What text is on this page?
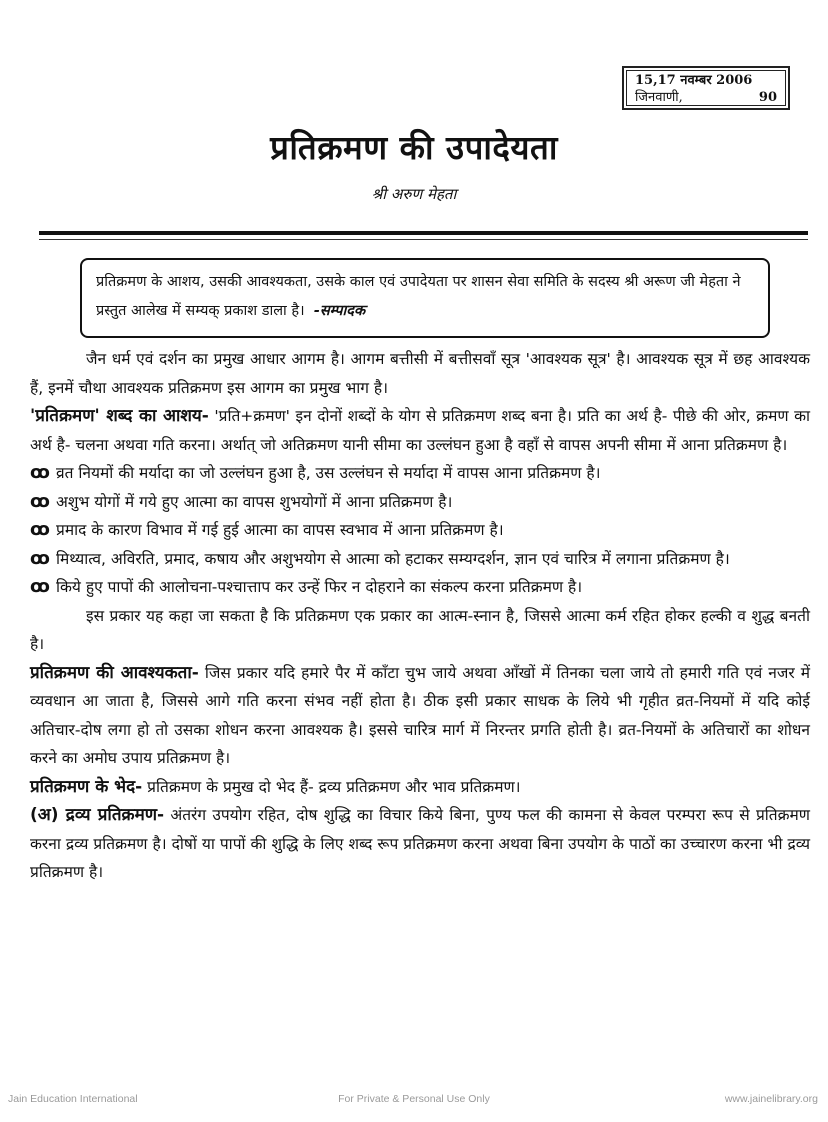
15,17 नवम्बर 2006
जिनवाणी,	90
प्रतिक्रमण की उपादेयता
श्री अरुण मेहता
प्रतिक्रमण के आशय, उसकी आवश्यकता, उसके काल एवं उपादेयता पर शासन सेवा समिति के सदस्य श्री अरूण जी मेहता ने प्रस्तुत आलेख में सम्यक् प्रकाश डाला है। -सम्पादक

जैन धर्म एवं दर्शन का प्रमुख आधार आगम है। आगम बत्तीसी में बत्तीसवाँ सूत्र 'आवश्यक सूत्र' है। आवश्यक सूत्र में छह आवश्यक हैं, इनमें चौथा आवश्यक प्रतिक्रमण इस आगम का प्रमुख भाग है।

'प्रतिक्रमण' शब्द का आशय- 'प्रति+क्रमण' इन दोनों शब्दों के योग से प्रतिक्रमण शब्द बना है। प्रति का अर्थ है- पीछे की ओर, क्रमण का अर्थ है- चलना अथवा गति करना। अर्थात् जो अतिक्रमण यानी सीमा का उल्लंघन हुआ है वहाँ से वापस अपनी सीमा में आना प्रतिक्रमण है।

ꝏ व्रत नियमों की मर्यादा का जो उल्लंघन हुआ है, उस उल्लंघन से मर्यादा में वापस आना प्रतिक्रमण है।
ꝏ अशुभ योगों में गये हुए आत्मा का वापस शुभयोगों में आना प्रतिक्रमण है।
ꝏ प्रमाद के कारण विभाव में गई हुई आत्मा का वापस स्वभाव में आना प्रतिक्रमण है।
ꝏ मिथ्यात्व, अविरति, प्रमाद, कषाय और अशुभयोग से आत्मा को हटाकर सम्यग्दर्शन, ज्ञान एवं चारित्र में लगाना प्रतिक्रमण है।
ꝏ किये हुए पापों की आलोचना-पश्चात्ताप कर उन्हें फिर न दोहराने का संकल्प करना प्रतिक्रमण है।

इस प्रकार यह कहा जा सकता है कि प्रतिक्रमण एक प्रकार का आत्म-स्नान है, जिससे आत्मा कर्म रहित होकर हल्की व शुद्ध बनती है।

प्रतिक्रमण की आवश्यकता- जिस प्रकार यदि हमारे पैर में काँटा चुभ जाये अथवा आँखों में तिनका चला जाये तो हमारी गति एवं नजर में व्यवधान आ जाता है, जिससे आगे गति करना संभव नहीं होता है। ठीक इसी प्रकार साधक के लिये भी गृहीत व्रत-नियमों में यदि कोई अतिचार-दोष लगा हो तो उसका शोधन करना आवश्यक है। इससे चारित्र मार्ग में निरन्तर प्रगति होती है। व्रत-नियमों के अतिचारों का शोधन करने का अमोघ उपाय प्रतिक्रमण है।

प्रतिक्रमण के भेद- प्रतिक्रमण के प्रमुख दो भेद हैं- द्रव्य प्रतिक्रमण और भाव प्रतिक्रमण।

(अ) द्रव्य प्रतिक्रमण- अंतरंग उपयोग रहित, दोष शुद्धि का विचार किये बिना, पुण्य फल की कामना से केवल परम्परा रूप से प्रतिक्रमण करना द्रव्य प्रतिक्रमण है। दोषों या पापों की शुद्धि के लिए शब्द रूप प्रतिक्रमण करना अथवा बिना उपयोग के पाठों का उच्चारण करना भी द्रव्य प्रतिक्रमण है।

Jain Education International	For Private & Personal Use Only	www.jainelibrary.org
